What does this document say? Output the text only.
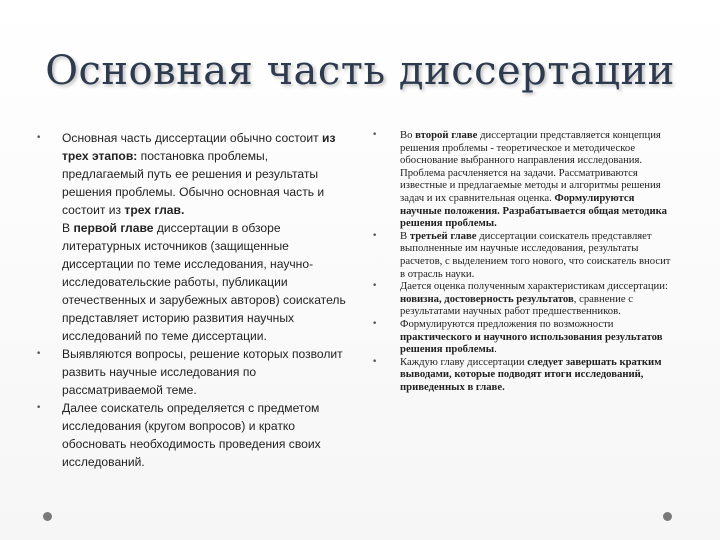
Основная часть диссертации
• Основная часть диссертации обычно состоит из трех этапов: постановка проблемы, предлагаемый путь ее решения и результаты решения проблемы. Обычно основная часть и состоит из трех глав.
В первой главе диссертации в обзоре литературных источников (защищенные диссертации по теме исследования, научно-исследовательские работы, публикации отечественных и зарубежных авторов) соискатель представляет историю развития научных исследований по теме диссертации.
• Выявляются вопросы, решение которых позволит развить научные исследования по рассматриваемой теме.
• Далее соискатель определяется с предметом исследования (кругом вопросов) и кратко обосновать необходимость проведения своих исследований.
• Во второй главе диссертации представляется концепция решения проблемы - теоретическое и методическое обоснование выбранного направления исследования. Проблема расчленяется на задачи. Рассматриваются известные и предлагаемые методы и алгоритмы решения задач и их сравнительная оценка. Формулируются научные положения. Разрабатывается общая методика решения проблемы.
• В третьей главе диссертации соискатель представляет выполненные им научные исследования, результаты расчетов, с выделением того нового, что соискатель вносит в отрасль науки.
• Дается оценка полученным характеристикам диссертации: новизна, достоверность результатов, сравнение с результатами научных работ предшественников.
• Формулируются предложения по возможности практического и научного использования результатов решения проблемы.
• Каждую главу диссертации следует завершать кратким выводами, которые подводят итоги исследований, приведенных в главе.
